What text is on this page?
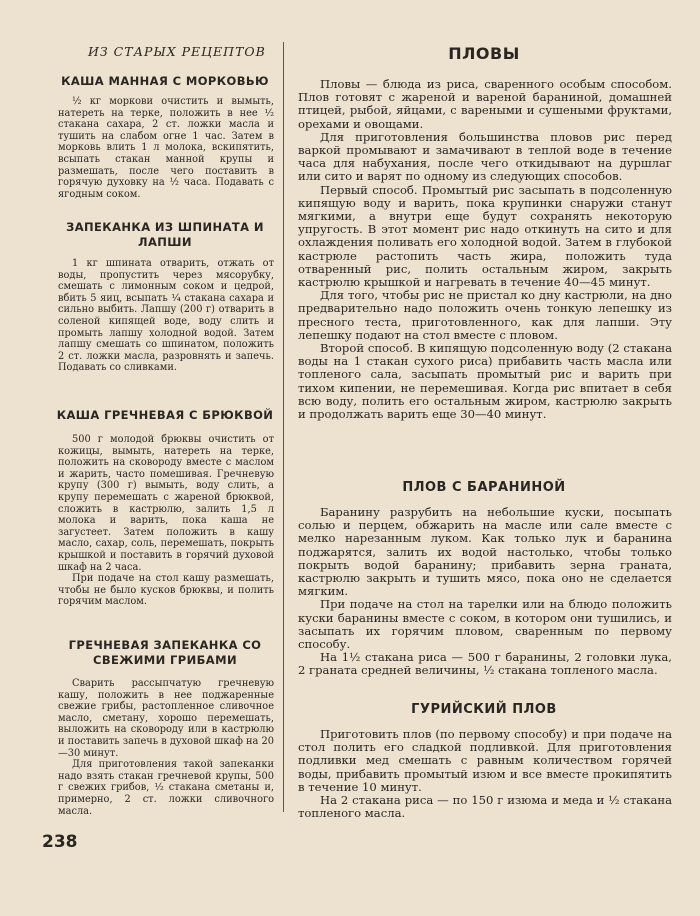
ИЗ СТАРЫХ РЕЦЕПТОВ
КАША МАННАЯ С МОРКОВЬЮ

½ кг моркови очистить и вымыть, натереть на терке, положить в нее ¹⁄₂ стакана сахара, 2 ст. ложки масла и тушить на слабом огне 1 час. Затем в морковь влить 1 л молока, вскипятить, всыпать стакан манной крупы и размешать, после чего поставить в горячую духовку на ½ часа. Подавать с ягодным соком.

ЗАПЕКАНКА ИЗ ШПИНАТА И ЛАПШИ

1 кг шпината отварить, отжать от воды, пропустить через мясорубку, смешать с лимонным соком и цедрой, вбить 5 яиц, всыпать ¹⁄₄ стакана сахара и сильно выбить. Лапшу (200 г) отварить в соленой кипящей воде, воду слить и промыть лапшу холодной водой. Затем лапшу смешать со шпинатом, положить 2 ст. ложки масла, разровнять и запечь. Подавать со сливками.

КАША ГРЕЧНЕВАЯ С БРЮКВОЙ

500 г молодой брюквы очистить от кожицы, вымыть, натереть на терке, положить на сковороду вместе с маслом и жарить, часто помешивая. Гречневую крупу (300 г) вымыть, воду слить, а крупу перемешать с жареной брюквой, сложить в кастрюлю, залить 1,5 л молока и варить, пока каша не загустеет. Затем положить в кашу масло, сахар, соль, перемешать, покрыть крышкой и поставить в горячий духовой шкаф на 2 часа.

При подаче на стол кашу размешать, чтобы не было кусков брюквы, и полить горячим маслом.

ГРЕЧНЕВАЯ ЗАПЕКАНКА СО СВЕЖИМИ ГРИБАМИ

Сварить рассыпчатую гречневую кашу, положить в нее поджаренные свежие грибы, растопленное сливочное масло, сметану, хорошо перемешать, выложить на сковороду или в кастрюлю и поставить запечь в духовой шкаф на 20—30 минут.

Для приготовления такой запеканки надо взять стакан гречневой крупы, 500 г свежих грибов, ¹⁄₂ стакана сметаны и, примерно, 2 ст. ложки сливочного масла.

238
ПЛОВЫ

Пловы — блюда из риса, сваренного особым способом. Плов готовят с жареной и вареной бараниной, домашней птицей, рыбой, яйцами, с вареными и сушеными фруктами, орехами и овощами.

Для приготовления большинства пловов рис перед варкой промывают и замачивают в теплой воде в течение часа для набухания, после чего откидывают на дуршлаг или сито и варят по одному из следующих способов.

Первый способ. Промытый рис засыпать в подсоленную кипящую воду и варить, пока крупинки снаружи станут мягкими, а внутри еще будут сохранять некоторую упругость. В этот момент рис надо откинуть на сито и для охлаждения поливать его холодной водой. Затем в глубокой кастрюле растопить часть жира, положить туда отваренный рис, полить остальным жиром, закрыть кастрюлю крышкой и нагревать в течение 40—45 минут.

Для того, чтобы рис не пристал ко дну кастрюли, на дно предварительно надо положить очень тонкую лепешку из пресного теста, приготовленного, как для лапши. Эту лепешку подают на стол вместе с пловом.

Второй способ. В кипящую подсоленную воду (2 стакана воды на 1 стакан сухого риса) прибавить часть масла или топленого сала, засыпать промытый рис и варить при тихом кипении, не перемешивая. Когда рис впитает в себя всю воду, полить его остальным жиром, кастрюлю закрыть и продолжать варить еще 30—40 минут.

ПЛОВ С БАРАНИНОЙ

Баранину разрубить на небольшие куски, посыпать солью и перцем, обжарить на масле или сале вместе с мелко нарезанным луком. Как только лук и баранина поджарятся, залить их водой настолько, чтобы только покрыть водой баранину; прибавить зерна граната, кастрюлю закрыть и тушить мясо, пока оно не сделается мягким.

При подаче на стол на тарелки или на блюдо положить куски баранины вместе с соком, в котором они тушились, и засыпать их горячим пловом, сваренным по первому способу.

На 1½ стакана риса — 500 г баранины, 2 головки лука, 2 граната средней величины, ½ стакана топленого масла.

ГУРИЙСКИЙ ПЛОВ

Приготовить плов (по первому способу) и при подаче на стол полить его сладкой подливкой. Для приготовления подливки мед смешать с равным количеством горячей воды, прибавить промытый изюм и все вместе прокипятить в течение 10 минут.

На 2 стакана риса — по 150 г изюма и меда и ½ стакана топленого масла.
